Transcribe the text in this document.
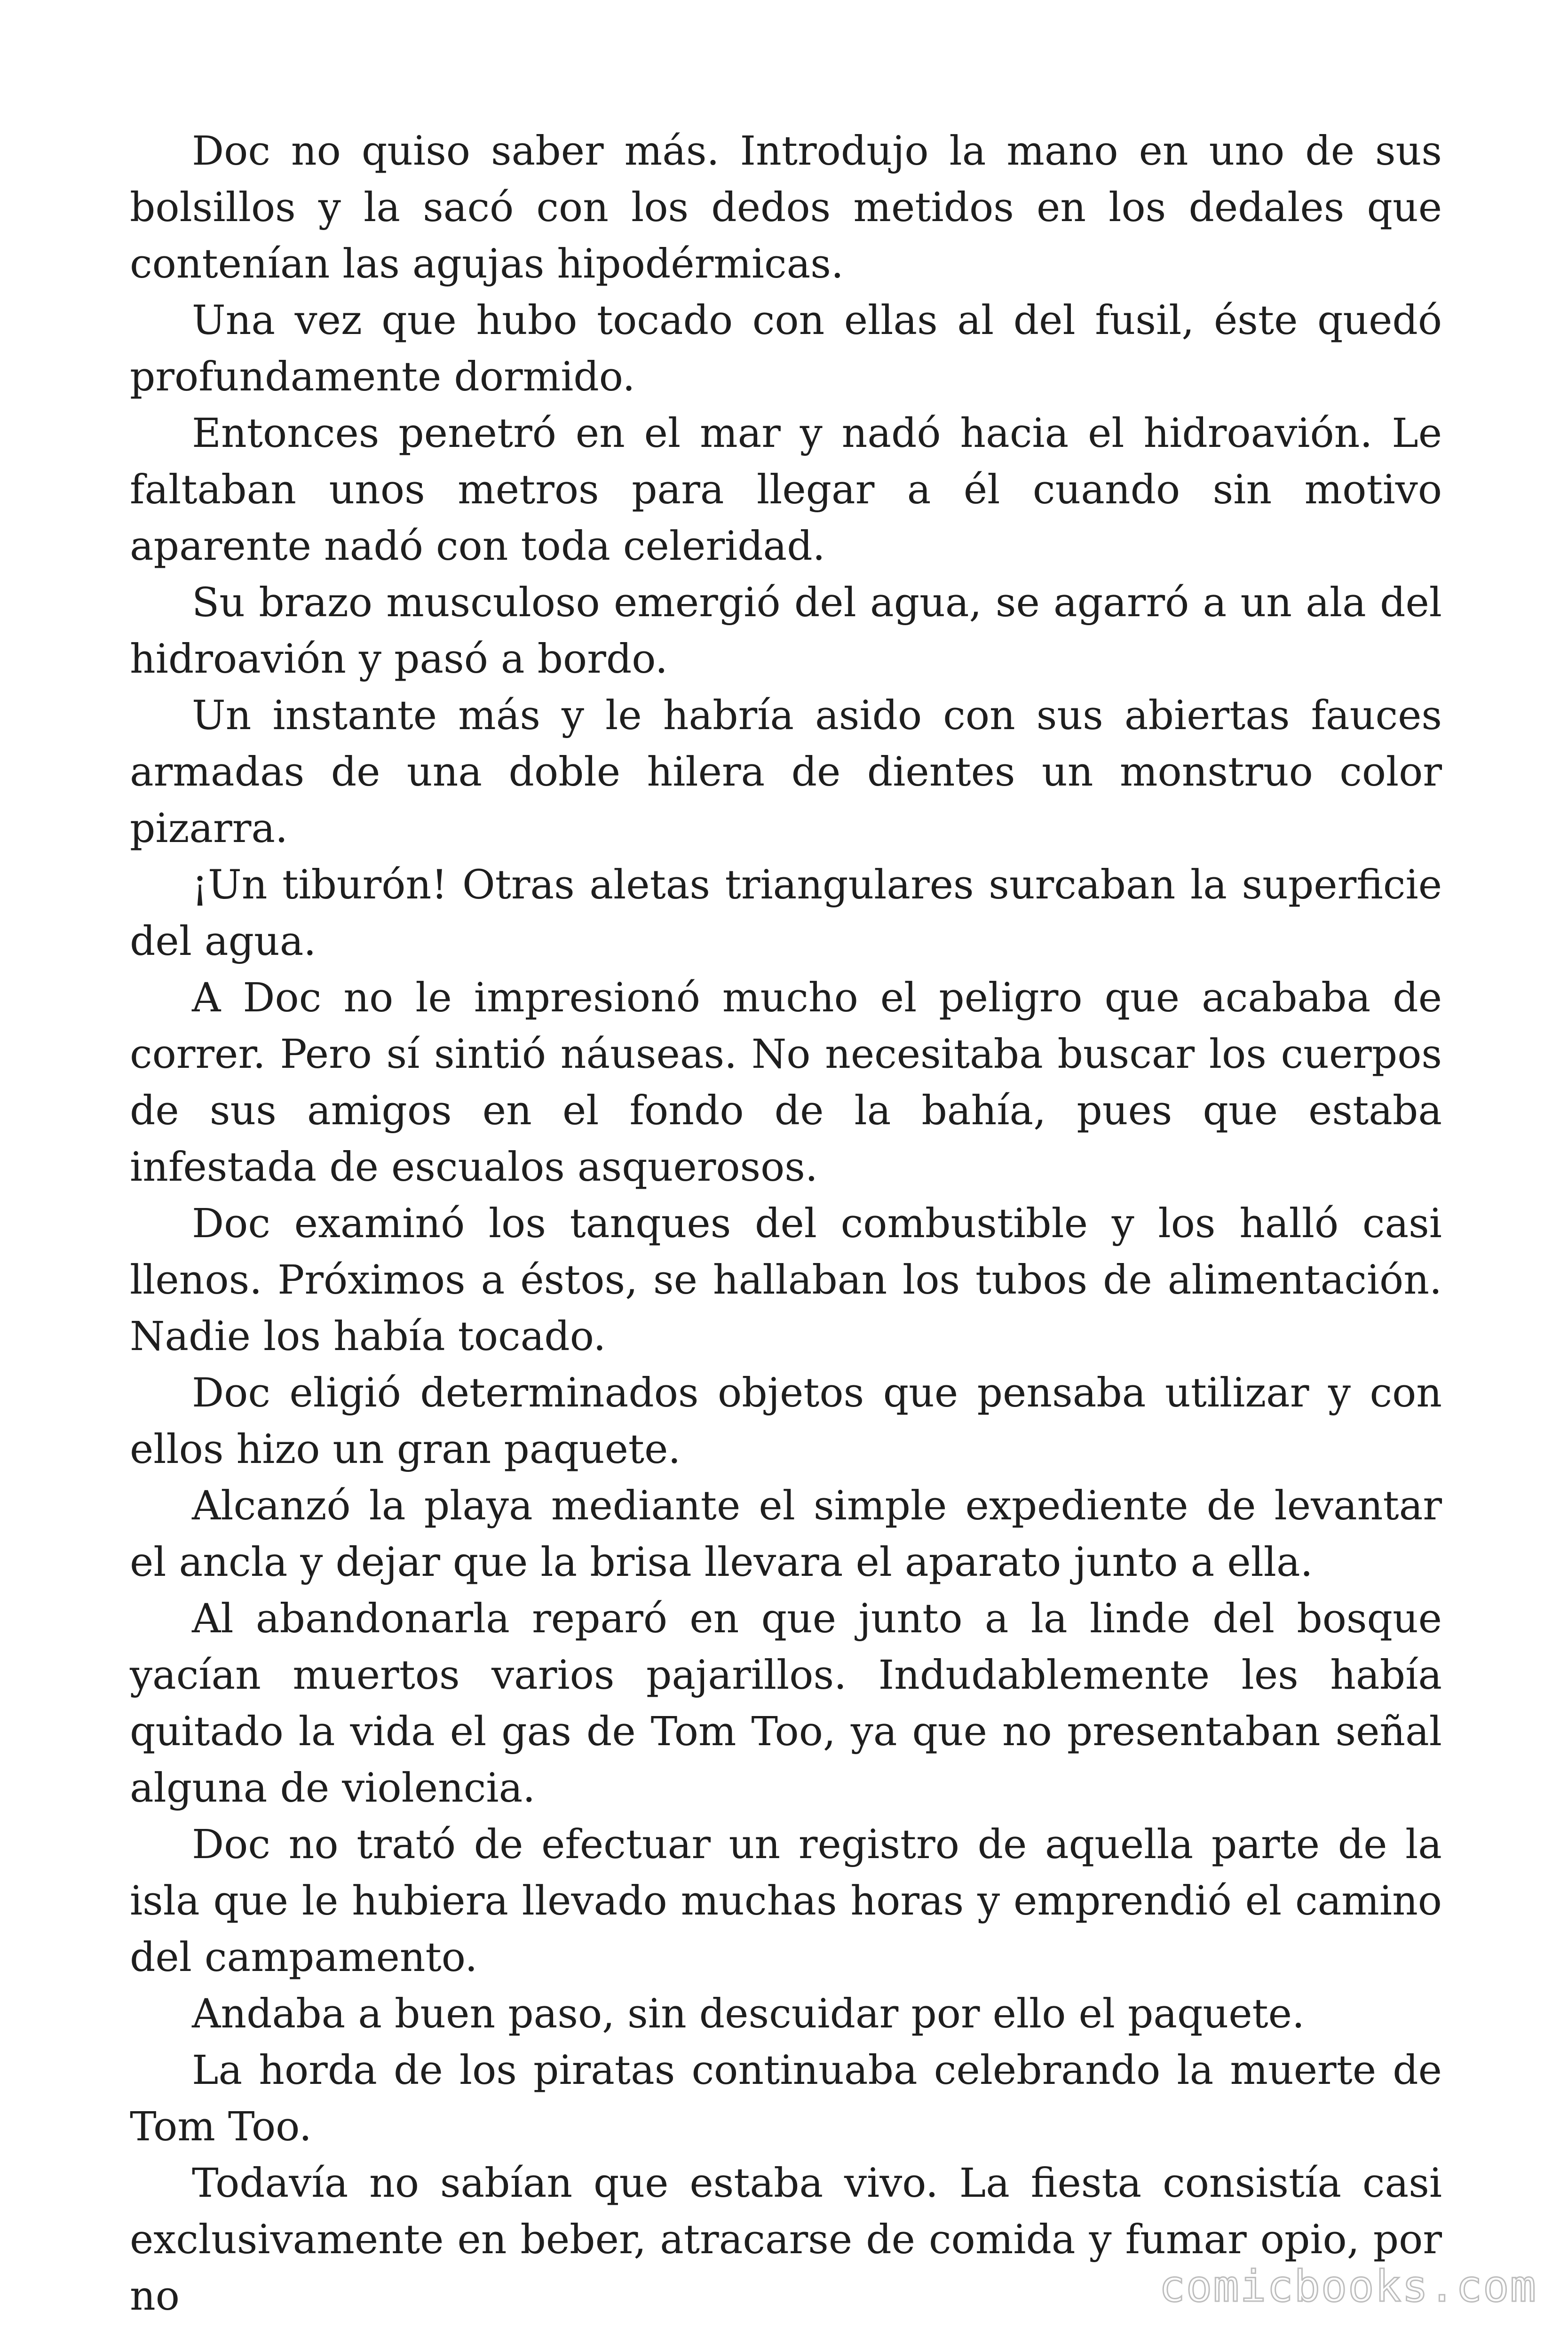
Doc no quiso saber más. Introdujo la mano en uno de sus bolsillos y la sacó con los dedos metidos en los dedales que contenían las agujas hipodérmicas.

Una vez que hubo tocado con ellas al del fusil, éste quedó profundamente dormido.

Entonces penetró en el mar y nadó hacia el hidroavión. Le faltaban unos metros para llegar a él cuando sin motivo aparente nadó con toda celeridad.

Su brazo musculoso emergió del agua, se agarró a un ala del hidroavión y pasó a bordo.

Un instante más y le habría asido con sus abiertas fauces armadas de una doble hilera de dientes un monstruo color pizarra.

¡Un tiburón! Otras aletas triangulares surcaban la superficie del agua.

A Doc no le impresionó mucho el peligro que acababa de correr. Pero sí sintió náuseas. No necesitaba buscar los cuerpos de sus amigos en el fondo de la bahía, pues que estaba infestada de escualos asquerosos.

Doc examinó los tanques del combustible y los halló casi llenos. Próximos a éstos, se hallaban los tubos de alimentación. Nadie los había tocado.

Doc eligió determinados objetos que pensaba utilizar y con ellos hizo un gran paquete.

Alcanzó la playa mediante el simple expediente de levantar el ancla y dejar que la brisa llevara el aparato junto a ella.

Al abandonarla reparó en que junto a la linde del bosque yacían muertos varios pajarillos. Indudablemente les había quitado la vida el gas de Tom Too, ya que no presentaban señal alguna de violencia.

Doc no trató de efectuar un registro de aquella parte de la isla que le hubiera llevado muchas horas y emprendió el camino del campamento.

Andaba a buen paso, sin descuidar por ello el paquete.

La horda de los piratas continuaba celebrando la muerte de Tom Too.

Todavía no sabían que estaba vivo. La fiesta consistía casi exclusivamente en beber, atracarse de comida y fumar opio, por no	comicbooks.com
